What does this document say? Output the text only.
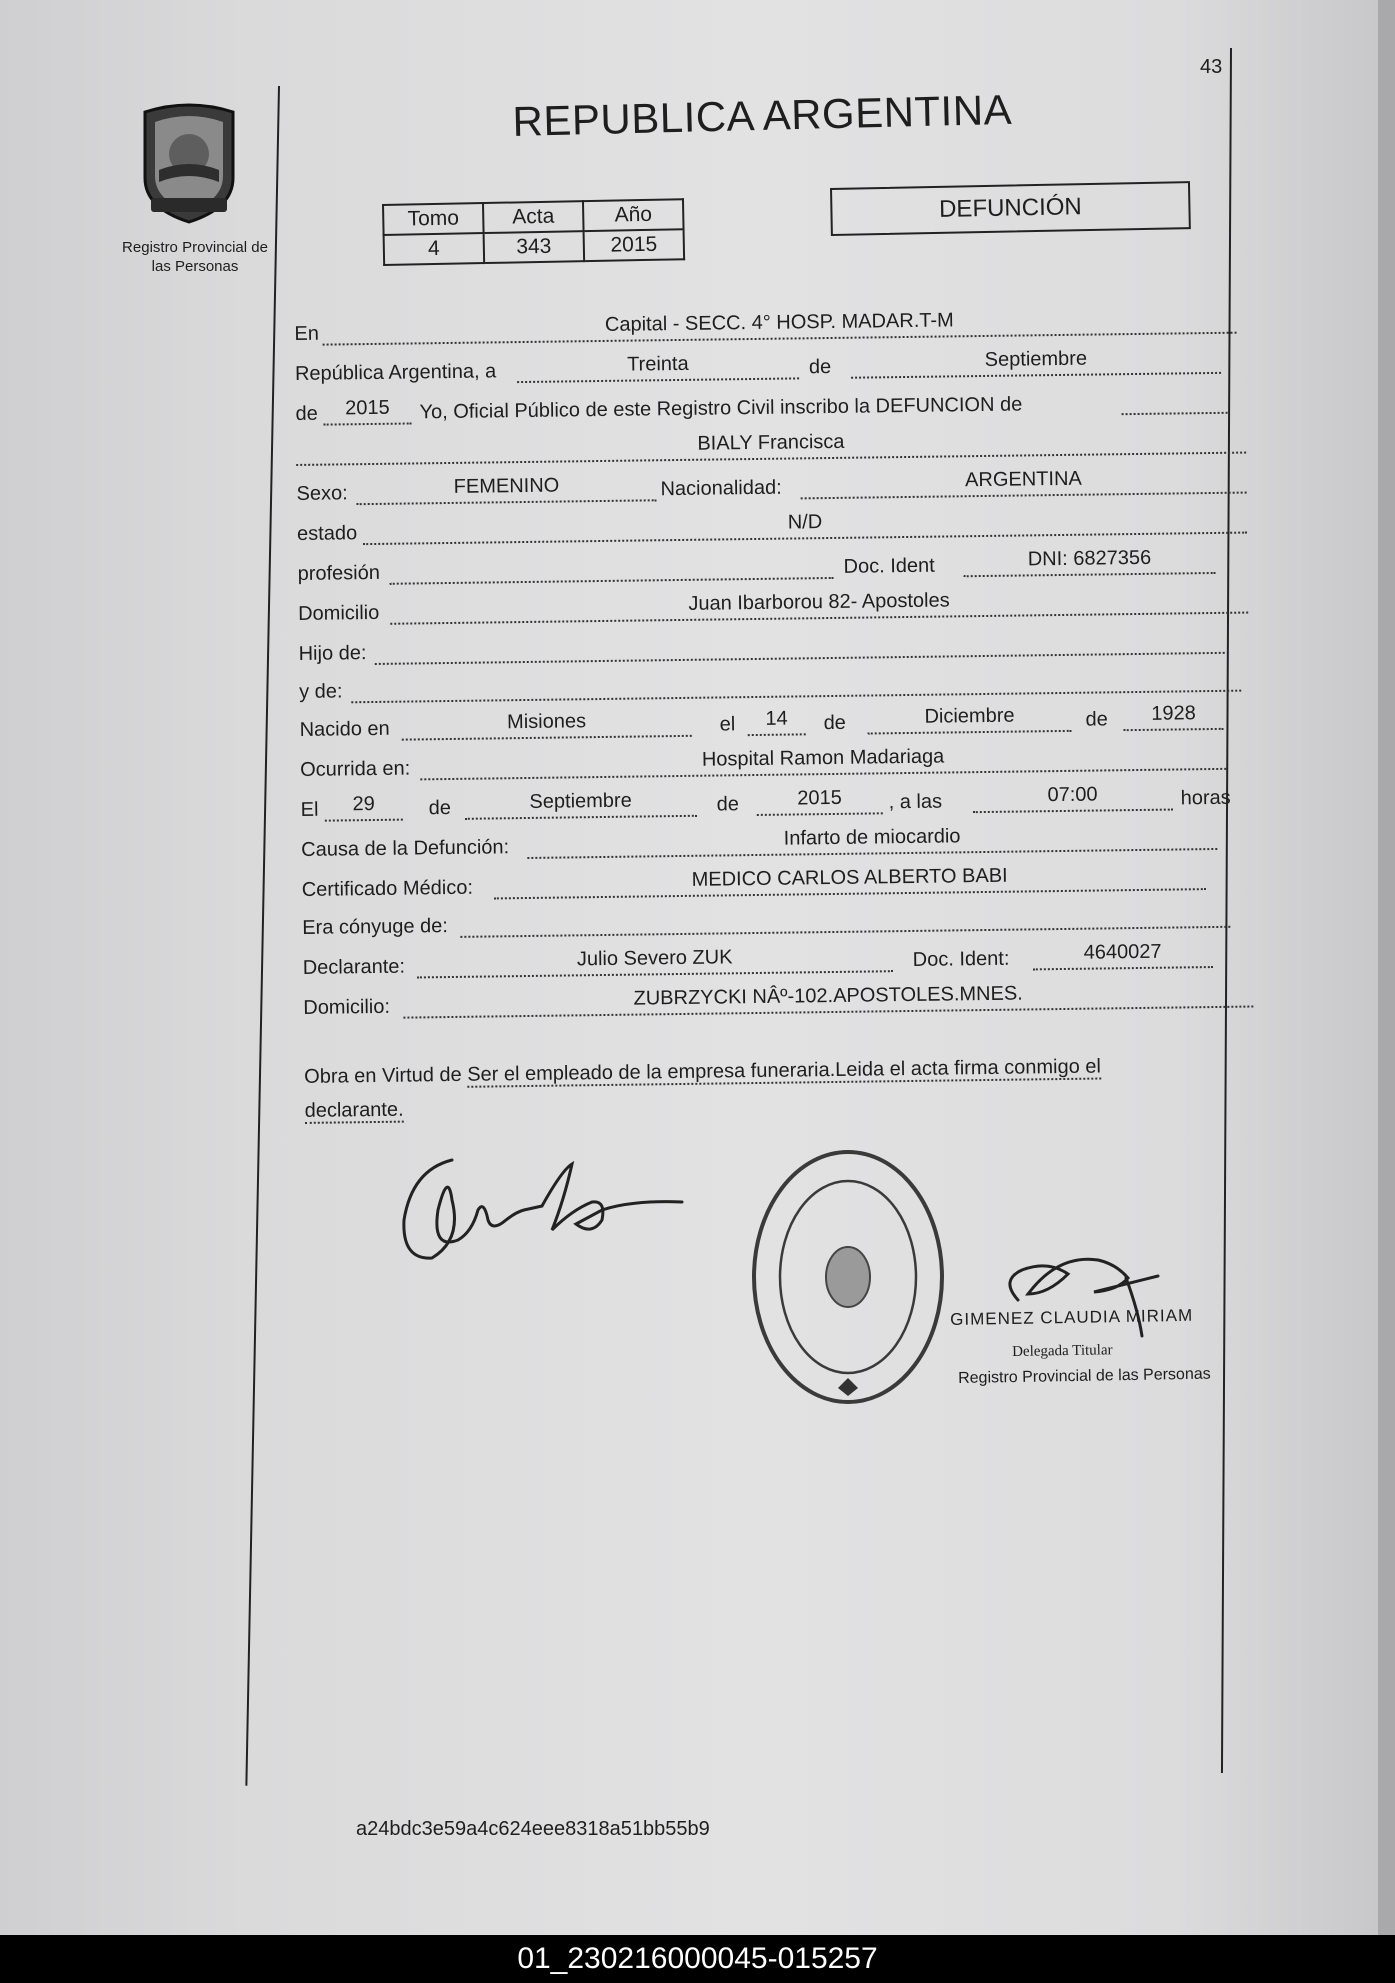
43
Registro Provincial de
las Personas
REPUBLICA ARGENTINA
Tomo	Acta	Año
4	343	2015
DEFUNCIÓN
En	Capital - SECC. 4° HOSP. MADAR.T-M
República Argentina, a	Treinta	de	Septiembre
de	2015	Yo, Oficial Público de este Registro Civil inscribo la DEFUNCION de
BIALY Francisca
Sexo:	FEMENINO	Nacionalidad:	ARGENTINA
estado	N/D
profesión	Doc. Ident	DNI: 6827356
Domicilio	Juan Ibarborou 82- Apostoles
Hijo de:
y de:
Nacido en	Misiones	el	14	de	Diciembre	de	1928
Ocurrida en:	Hospital Ramon Madariaga
El	29	de	Septiembre	de	2015	, a las	07:00	horas
Causa de la Defunción:	Infarto de miocardio
Certificado Médico:	MEDICO CARLOS ALBERTO BABI
Era cónyuge de:
Declarante:	Julio Severo ZUK	Doc. Ident:	4640027
Domicilio:	ZUBRZYCKI NÂº-102.APOSTOLES.MNES.
Obra en Virtud de Ser el empleado de la empresa funeraria.Leida el acta firma conmigo el
declarante.
GIMENEZ CLAUDIA MIRIAM
Delegada Titular
Registro Provincial de las Personas
a24bdc3e59a4c624eee8318a51bb55b9
01_230216000045-015257
